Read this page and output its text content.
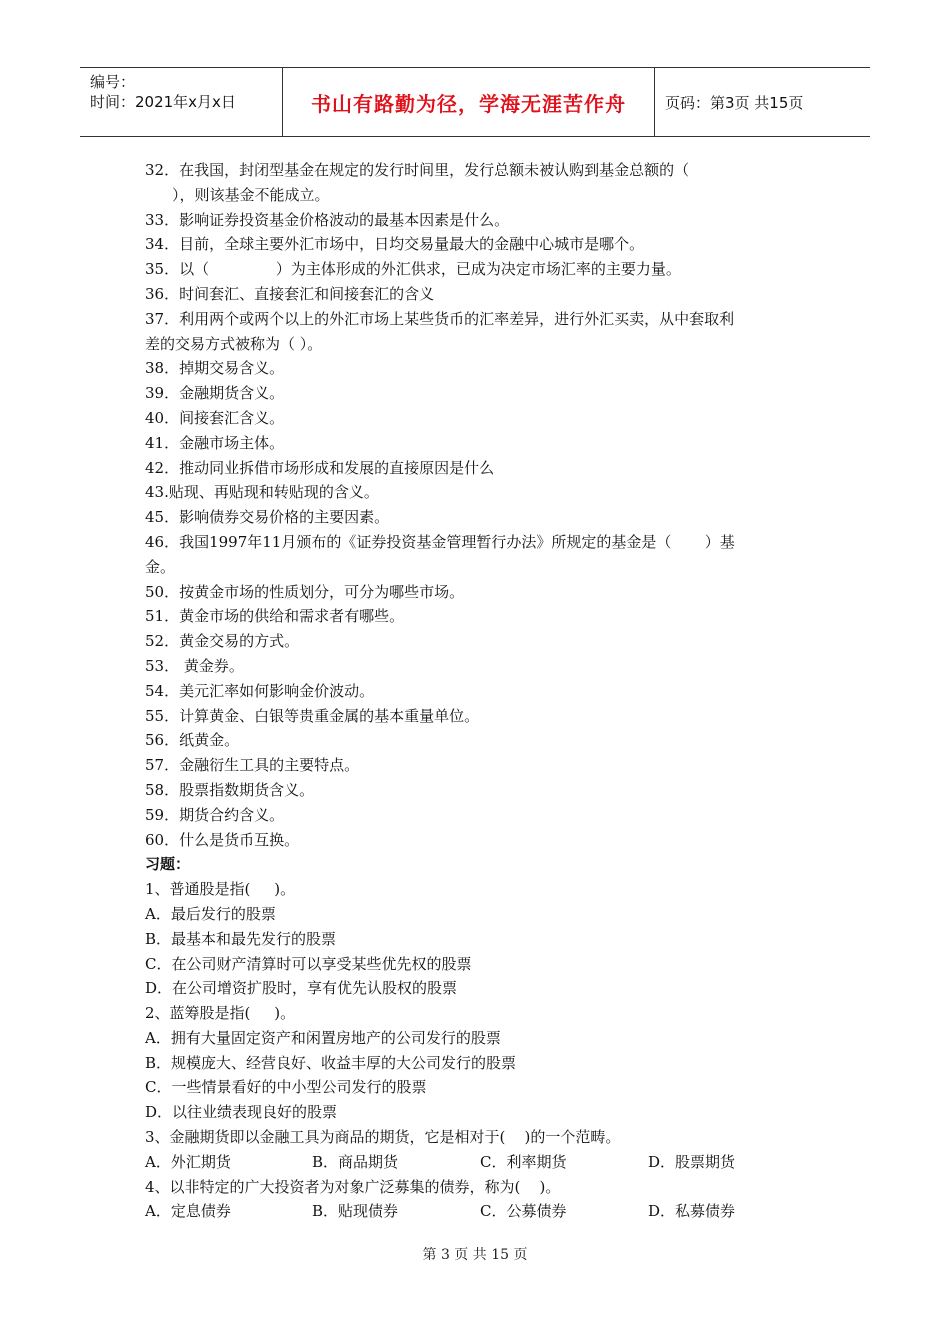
编号：
时间：2021年x月x日	书山有路勤为径，学海无涯苦作舟	页码：第3页 共15页
32．在我国，封闭型基金在规定的发行时间里，发行总额未被认购到基金总额的（
），则该基金不能成立。
33．影响证券投资基金价格波动的最基本因素是什么。
34．目前，全球主要外汇市场中，日均交易量最大的金融中心城市是哪个。
35．以（              ）为主体形成的外汇供求，已成为决定市场汇率的主要力量。
36．时间套汇、直接套汇和间接套汇的含义
37．利用两个或两个以上的外汇市场上某些货币的汇率差异，进行外汇买卖，从中套取利
差的交易方式被称为（ ）。
38．掉期交易含义。
39．金融期货含义。
40．间接套汇含义。
41．金融市场主体。
42．推动同业拆借市场形成和发展的直接原因是什么
43.贴现、再贴现和转贴现的含义。
45．影响债券交易价格的主要因素。
46．我国1997年11月颁布的《证券投资基金管理暂行办法》所规定的基金是（       ）基
金。
50．按黄金市场的性质划分，可分为哪些市场。
51．黄金市场的供给和需求者有哪些。
52．黄金交易的方式。
53． 黄金券。
54．美元汇率如何影响金价波动。
55．计算黄金、白银等贵重金属的基本重量单位。
56．纸黄金。
57．金融衍生工具的主要特点。
58．股票指数期货含义。
59．期货合约含义。
60．什么是货币互换。
习题：
1、普通股是指(     )。
A．最后发行的股票
B．最基本和最先发行的股票
C．在公司财产清算时可以享受某些优先权的股票
D．在公司增资扩股时，享有优先认股权的股票
2、蓝筹股是指(     )。
A．拥有大量固定资产和闲置房地产的公司发行的股票
B．规模庞大、经营良好、收益丰厚的大公司发行的股票
C．一些情景看好的中小型公司发行的股票
D．以往业绩表现良好的股票
3、金融期货即以金融工具为商品的期货，它是相对于(    )的一个范畴。
A．外汇期货	B．商品期货	C．利率期货	D．股票期货
4、以非特定的广大投资者为对象广泛募集的债券，称为(    )。
A．定息债券	B．贴现债券	C．公募债券	D．私募债券
第 3 页 共 15 页
